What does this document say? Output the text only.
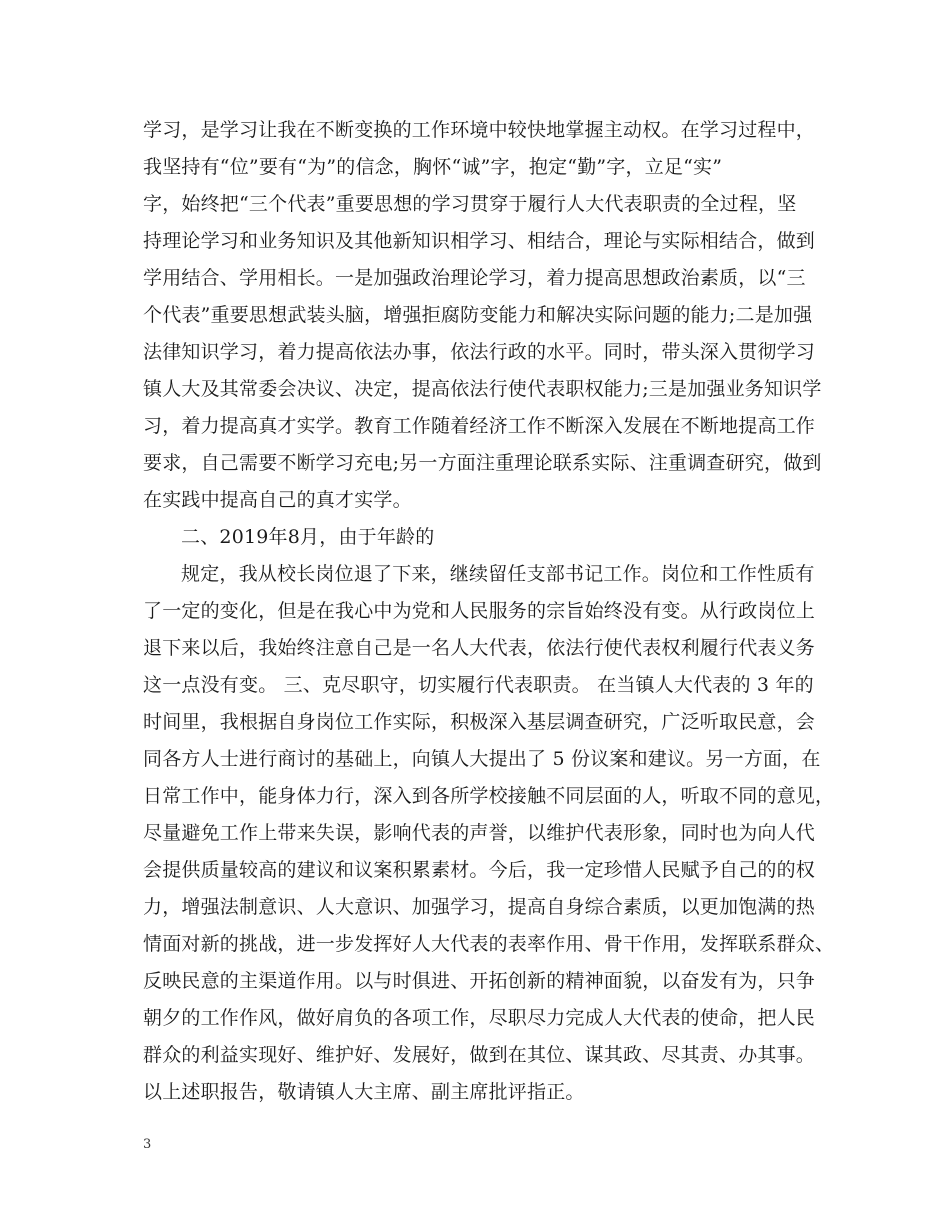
学习，是学习让我在不断变换的工作环境中较快地掌握主动权。在学习过程中，
我坚持有“位”要有“为”的信念，胸怀“诚”字，抱定“勤”字，立足“实”
字，始终把“三个代表”重要思想的学习贯穿于履行人大代表职责的全过程，坚
持理论学习和业务知识及其他新知识相学习、相结合，理论与实际相结合，做到
学用结合、学用相长。一是加强政治理论学习，着力提高思想政治素质，以“三
个代表”重要思想武装头脑，增强拒腐防变能力和解决实际问题的能力;二是加强
法律知识学习，着力提高依法办事，依法行政的水平。同时，带头深入贯彻学习
镇人大及其常委会决议、决定，提高依法行使代表职权能力;三是加强业务知识学
习，着力提高真才实学。教育工作随着经济工作不断深入发展在不断地提高工作
要求，自己需要不断学习充电;另一方面注重理论联系实际、注重调查研究，做到
在实践中提高自己的真才实学。
二、2019年8月，由于年龄的
规定，我从校长岗位退了下来，继续留任支部书记工作。岗位和工作性质有
了一定的变化，但是在我心中为党和人民服务的宗旨始终没有变。从行政岗位上
退下来以后，我始终注意自己是一名人大代表，依法行使代表权利履行代表义务
这一点没有变。 三、克尽职守，切实履行代表职责。 在当镇人大代表的 3 年的
时间里，我根据自身岗位工作实际，积极深入基层调查研究，广泛听取民意，会
同各方人士进行商讨的基础上，向镇人大提出了 5 份议案和建议。另一方面，在
日常工作中，能身体力行，深入到各所学校接触不同层面的人，听取不同的意见，
尽量避免工作上带来失误，影响代表的声誉，以维护代表形象，同时也为向人代
会提供质量较高的建议和议案积累素材。今后，我一定珍惜人民赋予自己的的权
力，增强法制意识、人大意识、加强学习，提高自身综合素质，以更加饱满的热
情面对新的挑战，进一步发挥好人大代表的表率作用、骨干作用，发挥联系群众、
反映民意的主渠道作用。以与时俱进、开拓创新的精神面貌，以奋发有为，只争
朝夕的工作作风，做好肩负的各项工作，尽职尽力完成人大代表的使命，把人民
群众的利益实现好、维护好、发展好，做到在其位、谋其政、尽其责、办其事。
以上述职报告，敬请镇人大主席、副主席批评指正。
3
